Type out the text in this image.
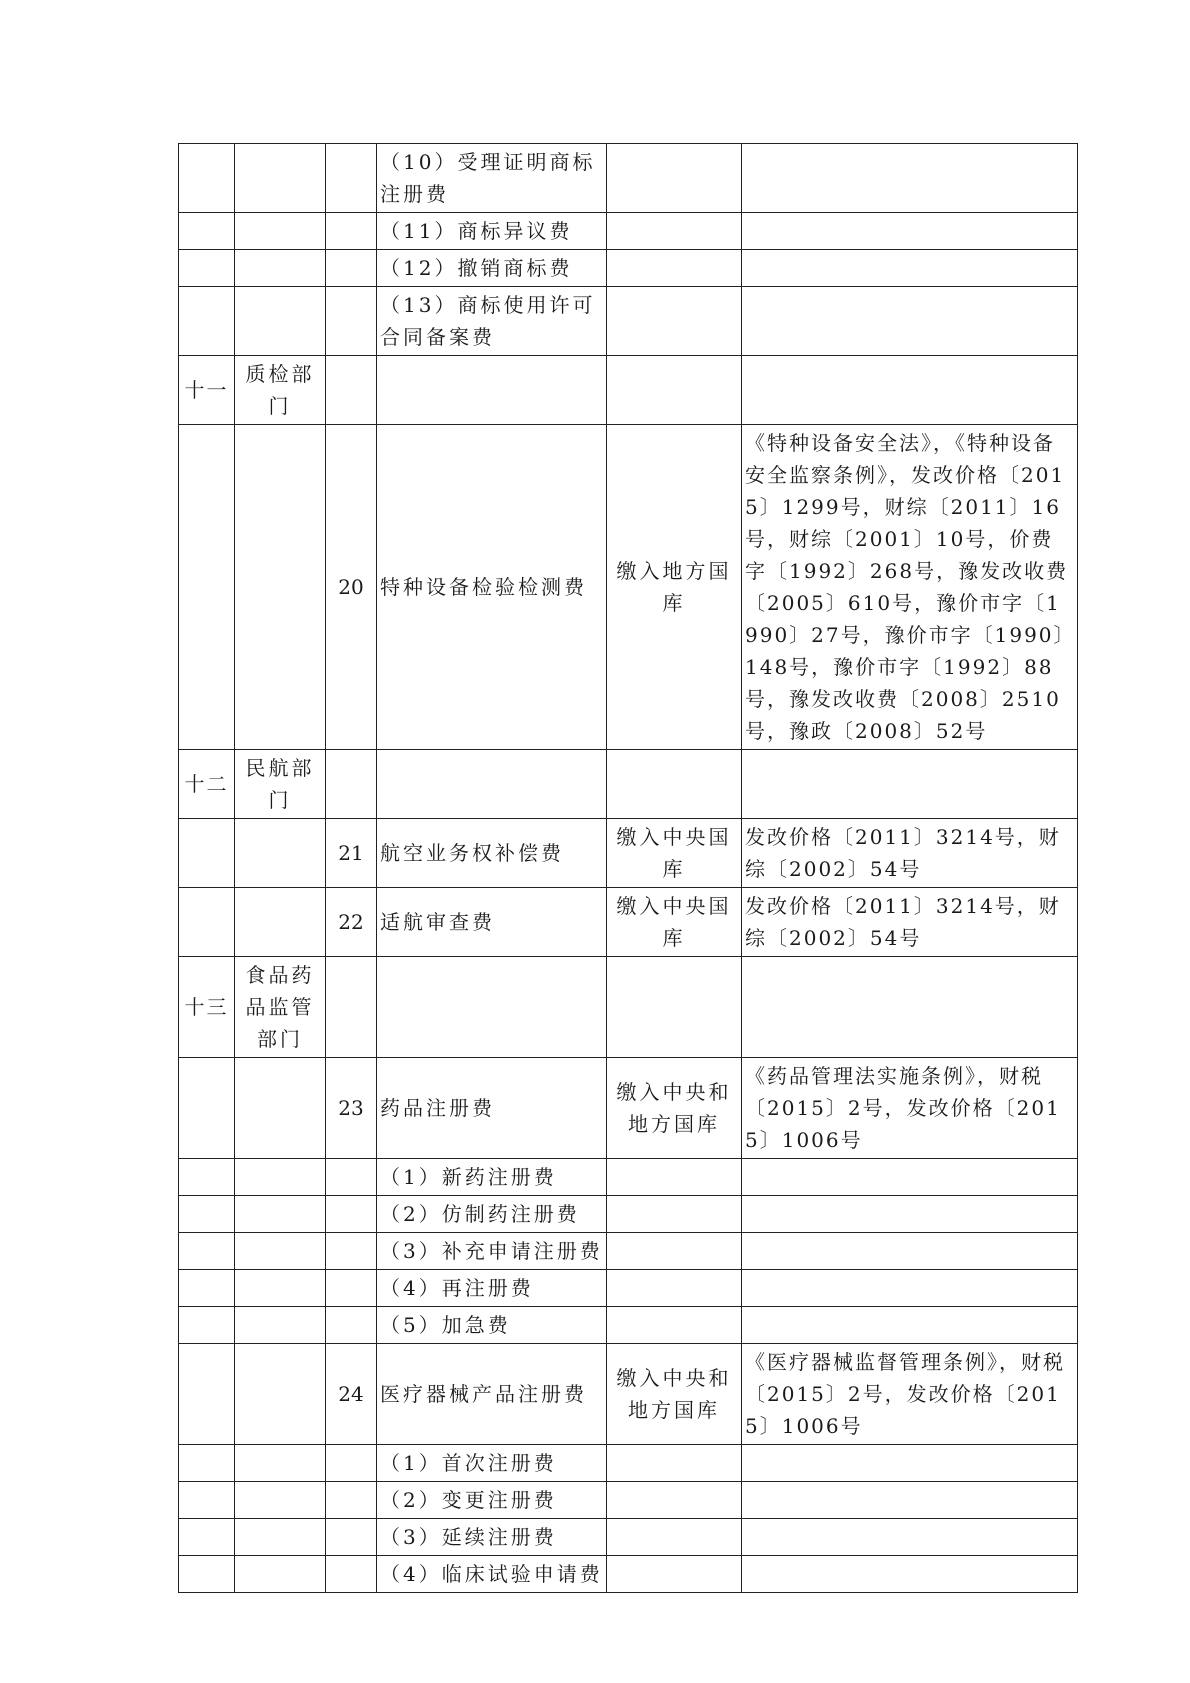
			（10）受理证明商标注册费		
			（11）商标异议费		
			（12）撤销商标费		
			（13）商标使用许可合同备案费		
十一	质检部门				
		20	特种设备检验检测费	缴入地方国库	《特种设备安全法》，《特种设备安全监察条例》，发改价格〔2015〕1299号，财综〔2011〕16号，财综〔2001〕10号，价费字〔1992〕268号，豫发改收费〔2005〕610号，豫价市字〔1990〕27号，豫价市字〔1990〕148号，豫价市字〔1992〕88号，豫发改收费〔2008〕2510号，豫政〔2008〕52号
十二	民航部门				
		21	航空业务权补偿费	缴入中央国库	发改价格〔2011〕3214号，财综〔2002〕54号
		22	适航审查费	缴入中央国库	发改价格〔2011〕3214号，财综〔2002〕54号
十三	食品药品监管部门				
		23	药品注册费	缴入中央和地方国库	《药品管理法实施条例》，财税〔2015〕2号，发改价格〔2015〕1006号
			（1）新药注册费		
			（2）仿制药注册费		
			（3）补充申请注册费		
			（4）再注册费		
			（5）加急费		
		24	医疗器械产品注册费	缴入中央和地方国库	《医疗器械监督管理条例》，财税〔2015〕2号，发改价格〔2015〕1006号
			（1）首次注册费		
			（2）变更注册费		
			（3）延续注册费		
			（4）临床试验申请费		
